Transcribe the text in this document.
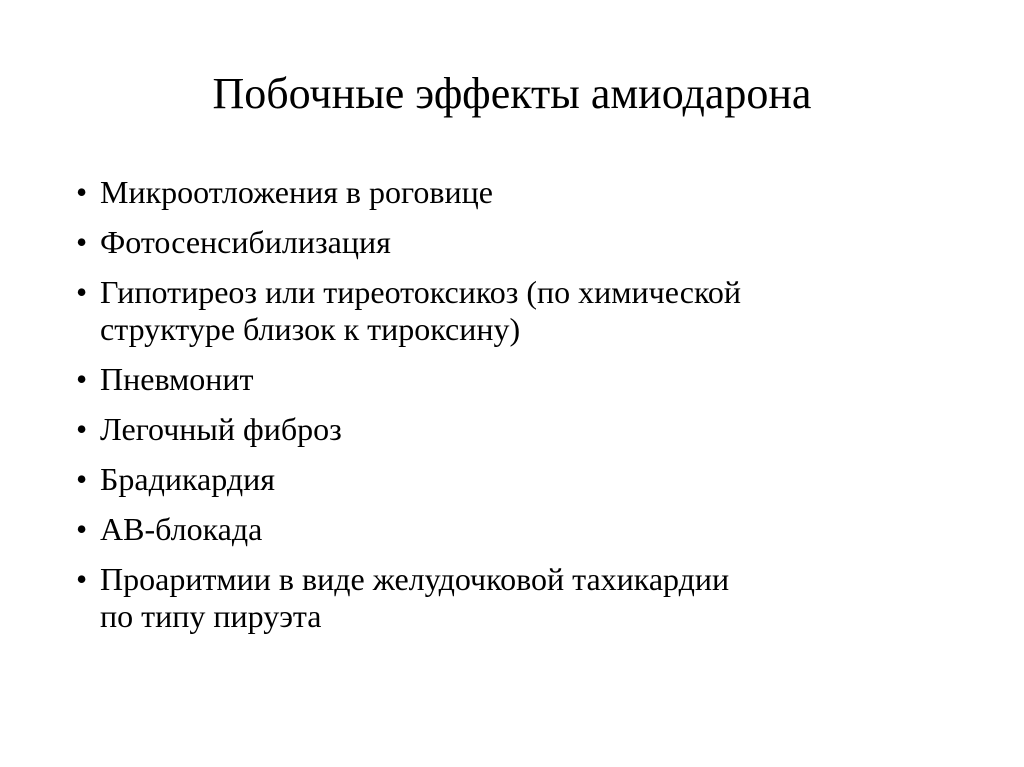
Побочные эффекты амиодарона
• Микроотложения в роговице
• Фотосенсибилизация
• Гипотиреоз или тиреотоксикоз (по химической
структуре близок к тироксину)
• Пневмонит
• Легочный фиброз
• Брадикардия
• АВ-блокада
• Проаритмии в виде желудочковой тахикардии
по типу пируэта
